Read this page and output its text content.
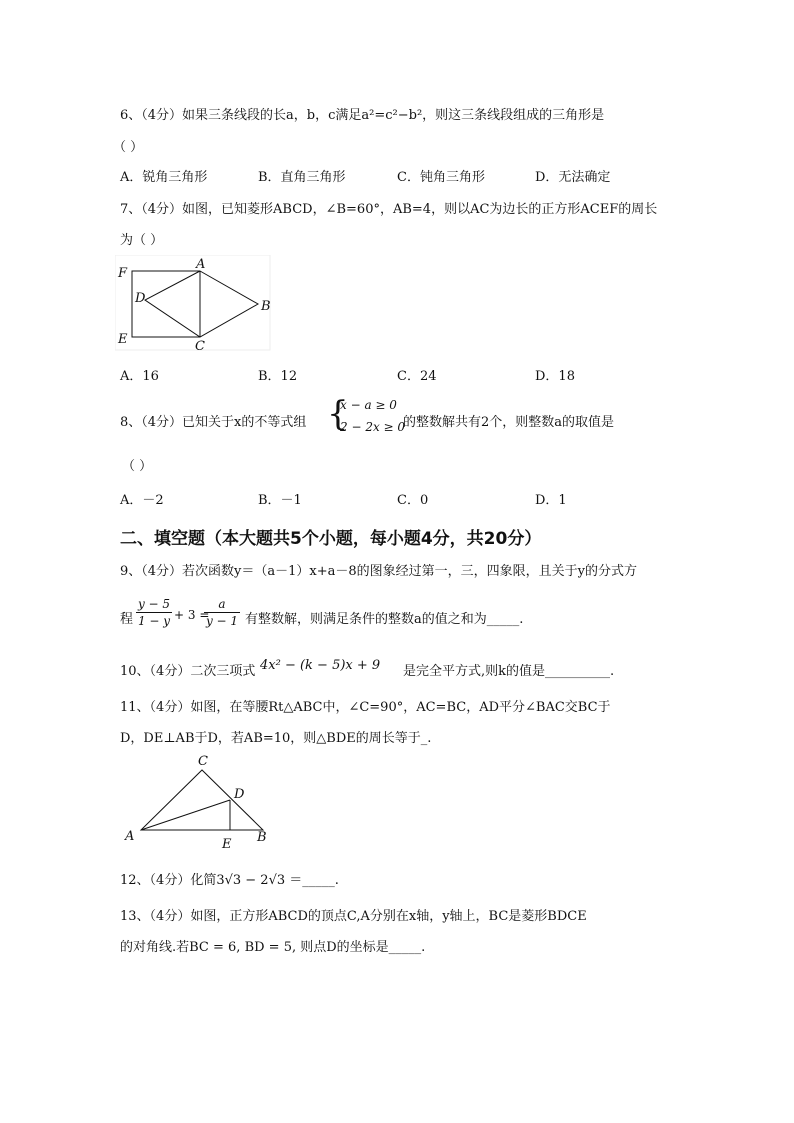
6、（4分）如果三条线段的长a，b，c满足a²=c²−b²，则这三条线段组成的三角形是
（ ）
A．锐角三角形	B．直角三角形	C．钝角三角形	D．无法确定
7、（4分）如图，已知菱形ABCD，∠B=60°，AB=4，则以AC为边长的正方形ACEF的周长
为（ ）
F
A
D
B
E	C
A．16	B．12	C．24	D．18
8、（4分）已知关于x的不等式组 {
x − a ≥ 0
2 − 2x ≥ 0
的整数解共有2个，则整数a的取值是
（ ）
A．－2	B．－1	C．0	D．1
二、填空题（本大题共5个小题，每小题4分，共20分）
9、（4分）若次函数y＝（a－1）x+a－8的图象经过第一，三，四象限，且关于y的分式方
程
y − 5
1 − y + 3 =
a
y − 1 有整数解，则满足条件的整数a的值之和为_____.
10、（4分）二次三项式 4x² − (k − 5)x + 9 是完全平方式,则k的值是__________.
11、（4分）如图，在等腰Rt△ABC中，∠C=90°，AC=BC，AD平分∠BAC交BC于
D，DE⊥AB于D，若AB=10，则△BDE的周长等于_.
C
D
A
E B
12、（4分）化简3√3 − 2√3 ＝_____.
13、（4分）如图，正方形ABCD的顶点C,A分别在x轴，y轴上，BC是菱形BDCE
的对角线.若BC = 6, BD = 5, 则点D的坐标是_____.
